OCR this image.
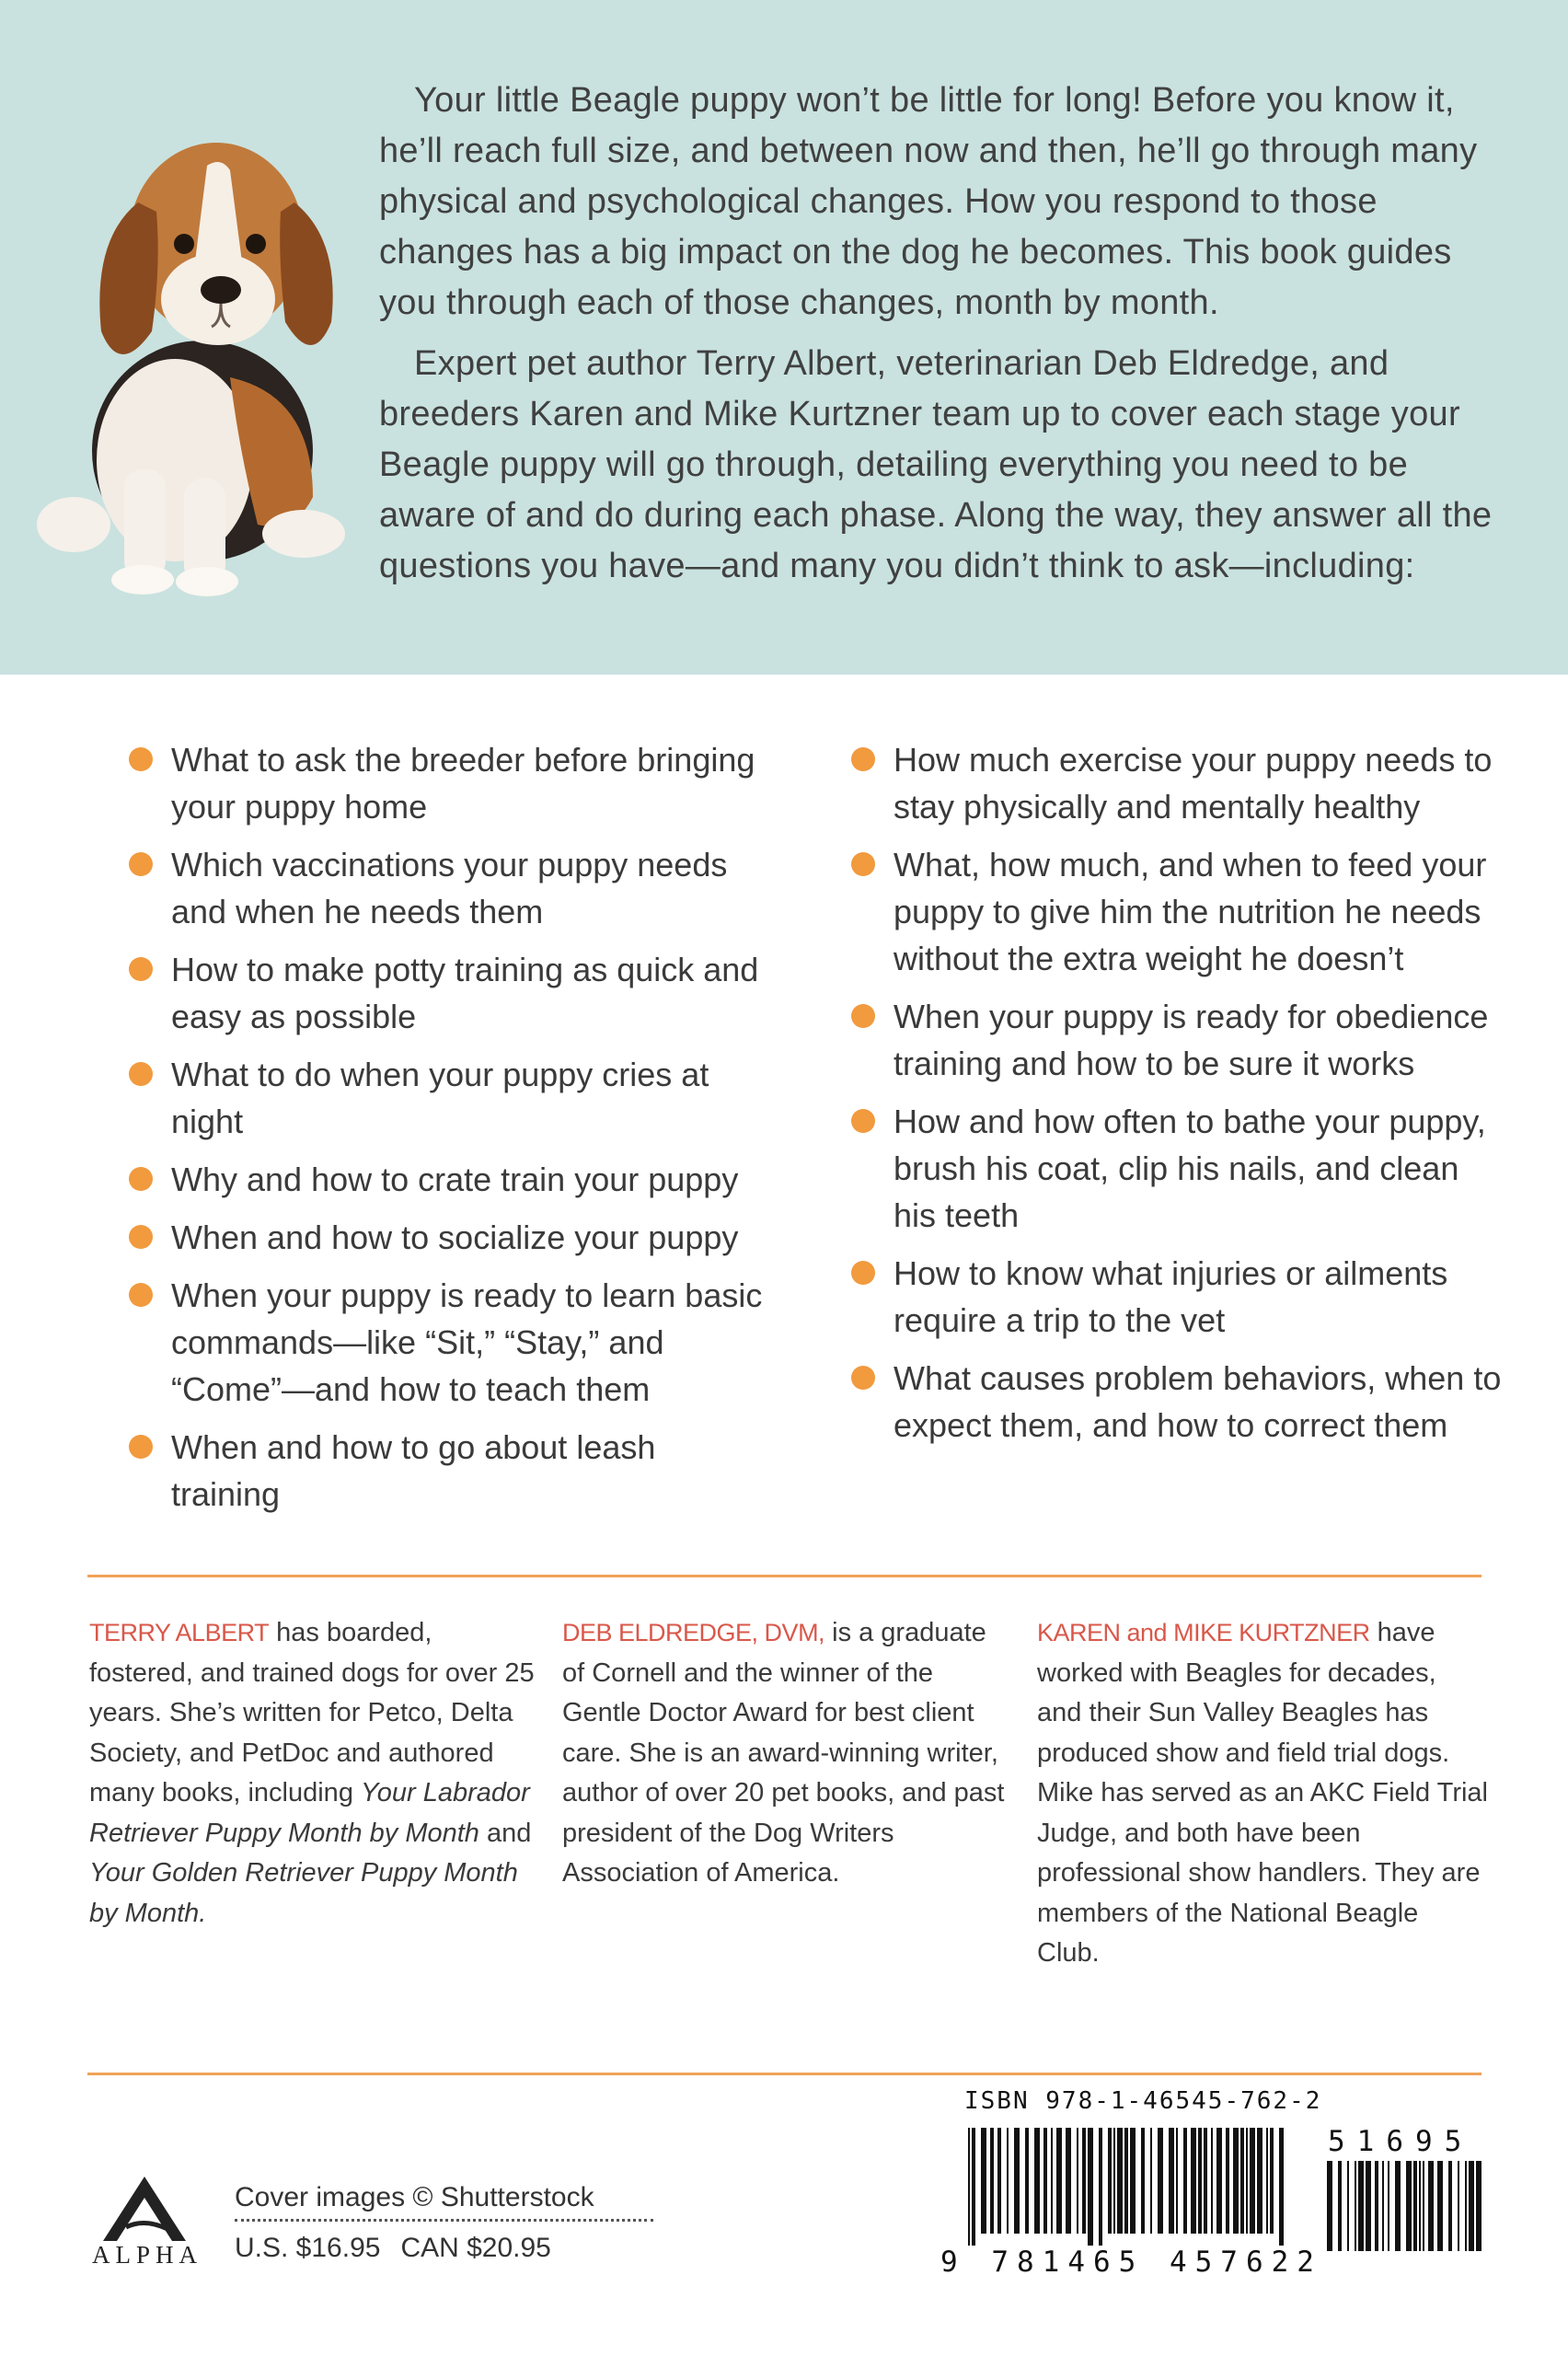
Your little Beagle puppy won’t be little for long! Before you know it, he’ll reach full size, and between now and then, he’ll go through many physical and psychological changes. How you respond to those changes has a big impact on the dog he becomes. This book guides you through each of those changes, month by month.

Expert pet author Terry Albert, veterinarian Deb Eldredge, and breeders Karen and Mike Kurtzner team up to cover each stage your Beagle puppy will go through, detailing everything you need to be aware of and do during each phase. Along the way, they answer all the questions you have—and many you didn’t think to ask—including:

What to ask the breeder before bringing your puppy home
Which vaccinations your puppy needs and when he needs them
How to make potty training as quick and easy as possible
What to do when your puppy cries at night
Why and how to crate train your puppy
When and how to socialize your puppy
When your puppy is ready to learn basic commands—like “Sit,” “Stay,” and “Come”—and how to teach them
When and how to go about leash training
How much exercise your puppy needs to stay physically and mentally healthy
What, how much, and when to feed your puppy to give him the nutrition he needs without the extra weight he doesn’t
When your puppy is ready for obedience training and how to be sure it works
How and how often to bathe your puppy, brush his coat, clip his nails, and clean his teeth
How to know what injuries or ailments require a trip to the vet
What causes problem behaviors, when to expect them, and how to correct them

TERRY ALBERT has boarded, fostered, and trained dogs for over 25 years. She’s written for Petco, Delta Society, and PetDoc and authored many books, including Your Labrador Retriever Puppy Month by Month and Your Golden Retriever Puppy Month by Month.

DEB ELDREDGE, DVM, is a graduate of Cornell and the winner of the Gentle Doctor Award for best client care. She is an award-winning writer, author of over 20 pet books, and past president of the Dog Writers Association of America.

KAREN and MIKE KURTZNER have worked with Beagles for decades, and their Sun Valley Beagles has produced show and field trial dogs. Mike has served as an AKC Field Trial Judge, and both have been professional show handlers. They are members of the National Beagle Club.

ALPHA
Cover images © Shutterstock
U.S. $16.95 CAN $20.95
ISBN 978-1-46545-762-2
9 781465 457622
51695
